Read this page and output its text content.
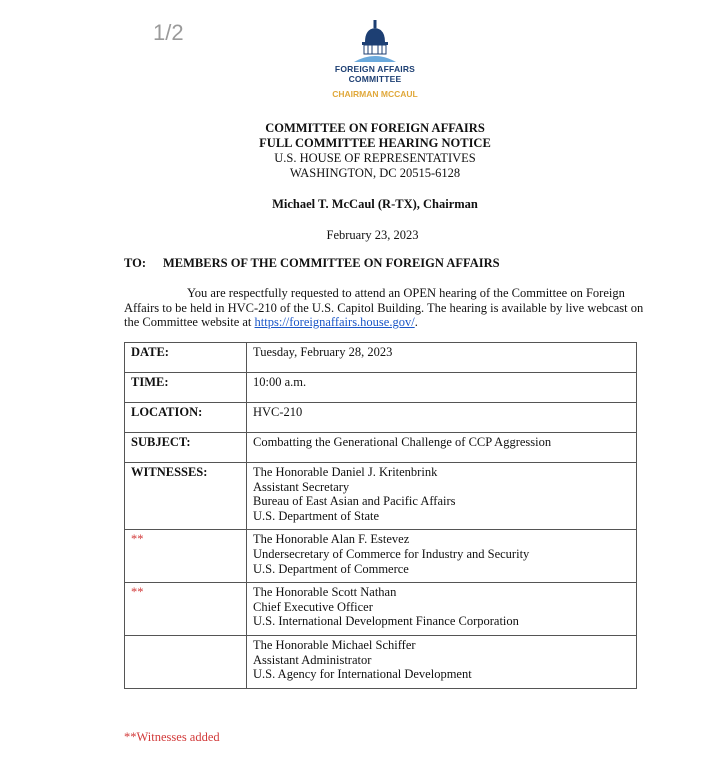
1/2
FOREIGN AFFAIRS
COMMITTEE
CHAIRMAN MCCAUL
COMMITTEE ON FOREIGN AFFAIRS
FULL COMMITTEE HEARING NOTICE
U.S. HOUSE OF REPRESENTATIVES
WASHINGTON, DC 20515-6128
Michael T. McCaul (R-TX), Chairman
February 23, 2023
TO: MEMBERS OF THE COMMITTEE ON FOREIGN AFFAIRS
You are respectfully requested to attend an OPEN hearing of the Committee on Foreign Affairs to be held in HVC-210 of the U.S. Capitol Building. The hearing is available by live webcast on the Committee website at https://foreignaffairs.house.gov/.
DATE:	Tuesday, February 28, 2023
TIME:	10:00 a.m.
LOCATION:	HVC-210
SUBJECT:	Combatting the Generational Challenge of CCP Aggression
WITNESSES:	The Honorable Daniel J. Kritenbrink
Assistant Secretary
Bureau of East Asian and Pacific Affairs
U.S. Department of State

**	The Honorable Alan F. Estevez
Undersecretary of Commerce for Industry and Security
U.S. Department of Commerce

**	The Honorable Scott Nathan
Chief Executive Officer
U.S. International Development Finance Corporation

	The Honorable Michael Schiffer
Assistant Administrator
U.S. Agency for International Development
**Witnesses added
